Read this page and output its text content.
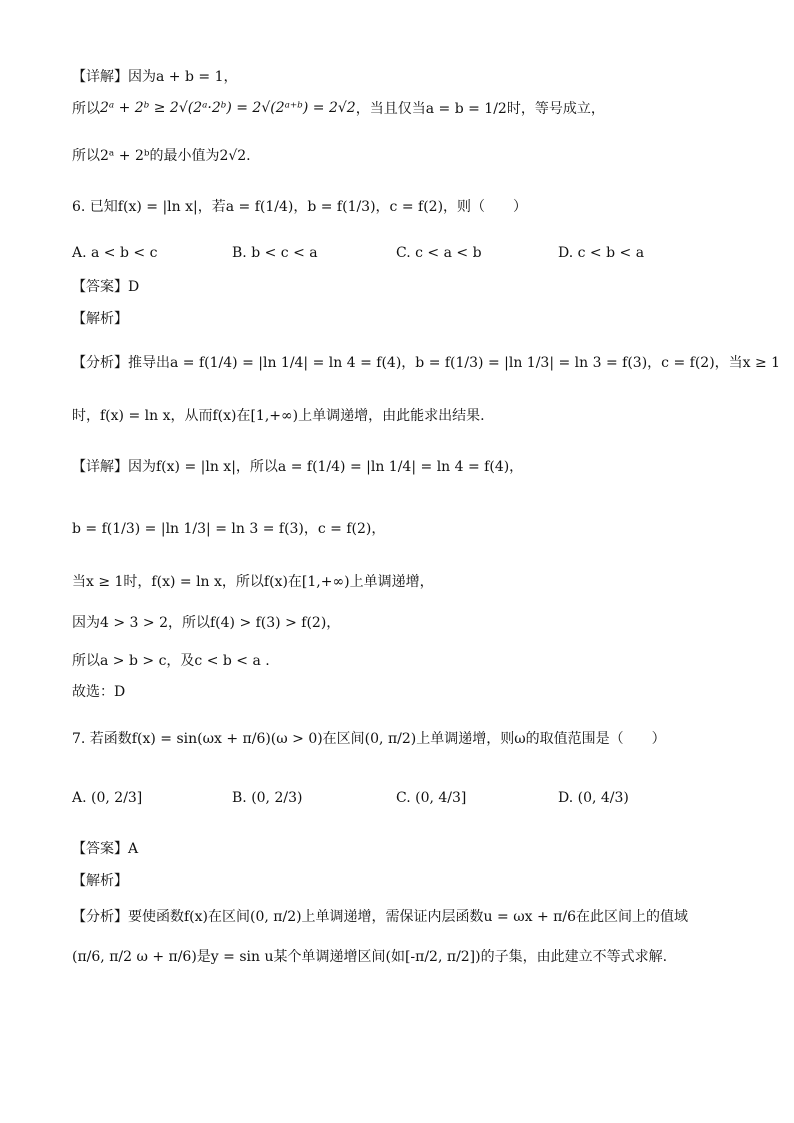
【详解】因为a + b = 1，
所以 2ᵃ + 2ᵇ ≥ 2√(2ᵃ·2ᵇ) = 2√(2ᵃ⁺ᵇ) = 2√2 ，当且仅当a = b = 1/2时，等号成立，
所以2ᵃ + 2ᵇ的最小值为2√2.
6. 已知f(x) = |ln x|，若a = f(1/4)，b = f(1/3)，c = f(2)，则（　　）
A. a < b < c	B. b < c < a	C. c < a < b	D. c < b < a
【答案】D
【解析】
【分析】推导出a = f(1/4) = |ln 1/4| = ln 4 = f(4)，b = f(1/3) = |ln 1/3| = ln 3 = f(3)，c = f(2)，当x ≥ 1
时，f(x) = ln x，从而f(x)在[1,+∞)上单调递增，由此能求出结果.
【详解】因为f(x) = |ln x|，所以a = f(1/4) = |ln 1/4| = ln 4 = f(4)，
b = f(1/3) = |ln 1/3| = ln 3 = f(3)，c = f(2)，
当x ≥ 1时，f(x) = ln x，所以f(x)在[1,+∞)上单调递增，
因为4 > 3 > 2，所以f(4) > f(3) > f(2)，
所以a > b > c，及c < b < a .
故选：D
7. 若函数f(x) = sin(ωx + π/6)(ω > 0)在区间(0, π/2)上单调递增，则ω的取值范围是（　　）
A. (0, 2/3]	B. (0, 2/3)	C. (0, 4/3]	D. (0, 4/3)
【答案】A
【解析】
【分析】要使函数f(x)在区间(0, π/2)上单调递增，需保证内层函数u = ωx + π/6在此区间上的值域
(π/6, π/2 ω + π/6)是y = sin u某个单调递增区间(如[-π/2, π/2])的子集，由此建立不等式求解.
